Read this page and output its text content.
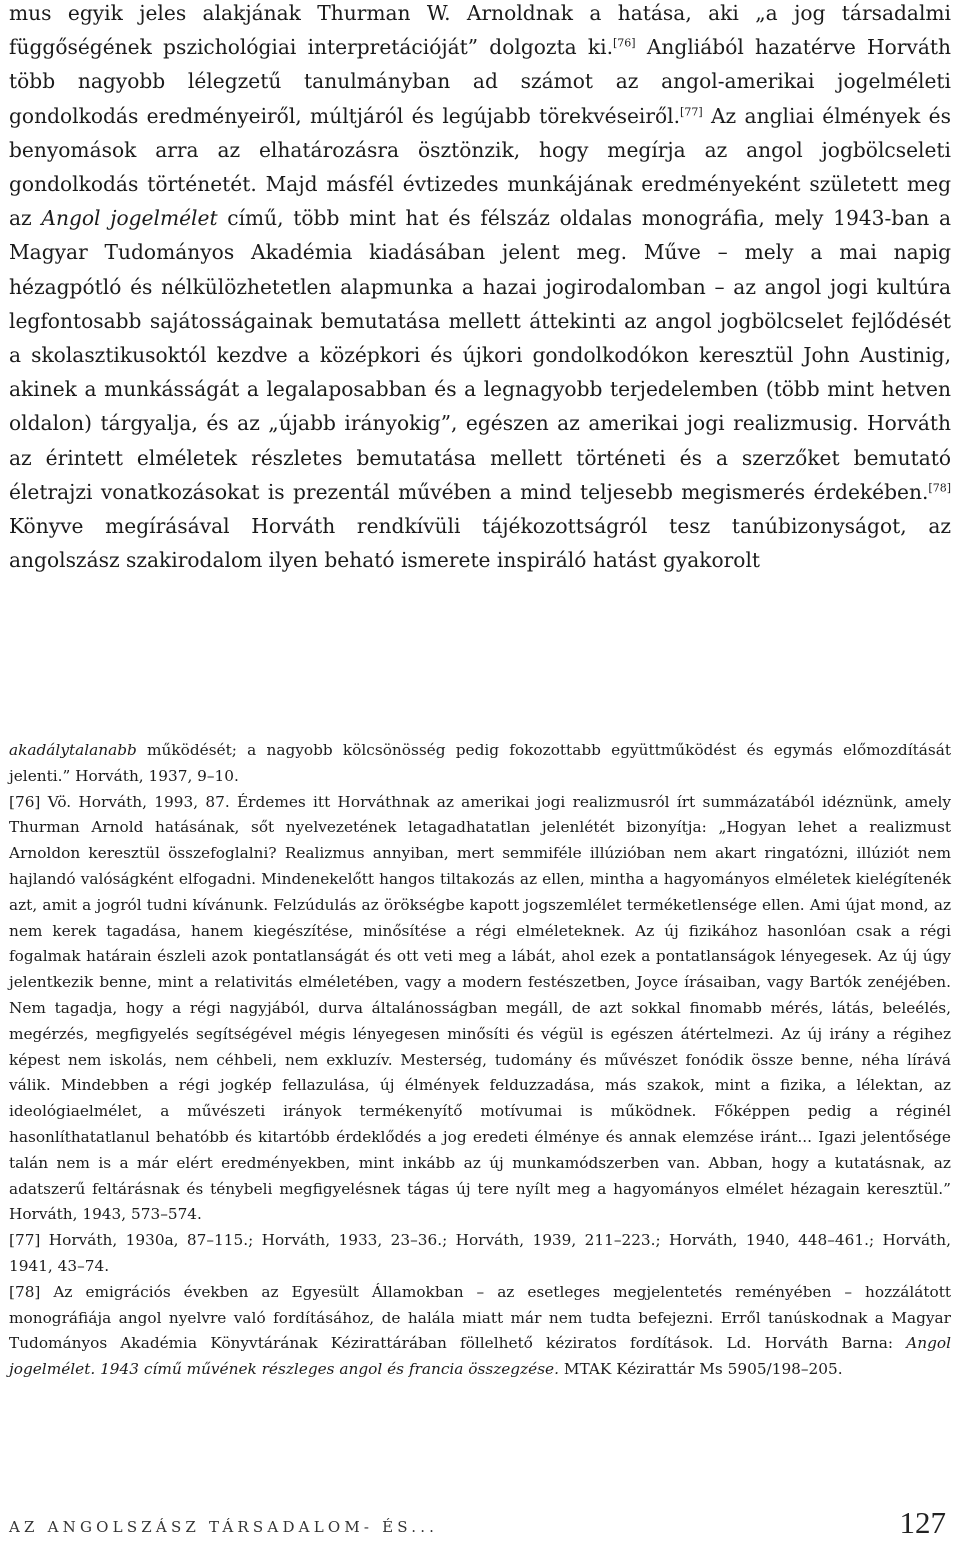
mus egyik jeles alakjának Thurman W. Arnoldnak a hatása, aki „a jog társadalmi függőségének pszichológiai interpretációját” dolgozta ki.[76] Angliából hazatérve Horváth több nagyobb lélegzetű tanulmányban ad számot az angol-amerikai jogelméleti gondolkodás eredményeiről, múltjáról és legújabb törekvéseiről.[77] Az angliai élmények és benyomások arra az elhatározásra ösztönzik, hogy megírja az angol jogbölcseleti gondolkodás történetét. Majd másfél évtizedes munkájának eredményeként született meg az Angol jogelmélet című, több mint hat és félszáz oldalas monográfia, mely 1943-ban a Magyar Tudományos Akadémia kiadásában jelent meg. Műve – mely a mai napig hézagpótló és nélkülözhetetlen alapmunka a hazai jogirodalomban – az angol jogi kultúra legfontosabb sajátosságainak bemutatása mellett áttekinti az angol jogbölcselet fejlődését a skolasztikusoktól kezdve a középkori és újkori gondolkodókon keresztül John Austinig, akinek a munkásságát a legalaposabban és a legnagyobb terjedelemben (több mint hetven oldalon) tárgyalja, és az „újabb irányokig”, egészen az amerikai jogi realizmusig. Horváth az érintett elméletek részletes bemutatása mellett történeti és a szerzőket bemutató életrajzi vonatkozásokat is prezentál művében a mind teljesebb megismerés érdekében.[78] Könyve megírásával Horváth rendkívüli tájékozottságról tesz tanúbizonyságot, az angolszász szakirodalom ilyen beható ismerete inspiráló hatást gyakorolt

akadálytalanabb működését; a nagyobb kölcsönösség pedig fokozottabb együttműködést és egymás előmozdítását jelenti.” Horváth, 1937, 9–10.

[76] Vö. Horváth, 1993, 87. Érdemes itt Horváthnak az amerikai jogi realizmusról írt summázatából idéznünk, amely Thurman Arnold hatásának, sőt nyelvezetének letagadhatatlan jelenlétét bizonyítja: „Hogyan lehet a realizmust Arnoldon keresztül összefoglalni? Realizmus annyiban, mert semmiféle illúzióban nem akart ringatózni, illúziót nem hajlandó valóságként elfogadni. Mindenekelőtt hangos tiltakozás az ellen, mintha a hagyományos elméletek kielégítenék azt, amit a jogról tudni kívánunk. Felzúdulás az örökségbe kapott jogszemlélet terméketlensége ellen. Ami újat mond, az nem kerek tagadása, hanem kiegészítése, minősítése a régi elméleteknek. Az új fizikához hasonlóan csak a régi fogalmak határain észleli azok pontatlanságát és ott veti meg a lábát, ahol ezek a pontatlanságok lényegesek. Az új úgy jelentkezik benne, mint a relativitás elméletében, vagy a modern festészetben, Joyce írásaiban, vagy Bartók zenéjében. Nem tagadja, hogy a régi nagyjából, durva általánosságban megáll, de azt sokkal finomabb mérés, látás, beleélés, megérzés, megfigyelés segítségével mégis lényegesen minősíti és végül is egészen átértelmezi. Az új irány a régihez képest nem iskolás, nem céhbeli, nem exkluzív. Mesterség, tudomány és művészet fonódik össze benne, néha lírává válik. Mindebben a régi jogkép fellazulása, új élmények felduzzadása, más szakok, mint a fizika, a lélektan, az ideológiaelmélet, a művészeti irányok termékenyítő motívumai is működnek. Főképpen pedig a réginél hasonlíthatatlanul behatóbb és kitartóbb érdeklődés a jog eredeti élménye és annak elemzése iránt... Igazi jelentősége talán nem is a már elért eredményekben, mint inkább az új munkamódszerben van. Abban, hogy a kutatásnak, az adatszerű feltárásnak és ténybeli megfigyelésnek tágas új tere nyílt meg a hagyományos elmélet hézagain keresztül.” Horváth, 1943, 573–574.

[77] Horváth, 1930a, 87–115.; Horváth, 1933, 23–36.; Horváth, 1939, 211–223.; Horváth, 1940, 448–461.; Horváth, 1941, 43–74.

[78] Az emigrációs években az Egyesült Államokban – az esetleges megjelentetés reményében – hozzálátott monográfiája angol nyelvre való fordításához, de halála miatt már nem tudta befejezni. Erről tanúskodnak a Magyar Tudományos Akadémia Könyvtárának Kézirattárában föllelhető kéziratos fordítások. Ld. Horváth Barna: Angol jogelmélet. 1943 című művének részleges angol és francia összegzése. MTAK Kézirattár Ms 5905/198–205.

AZ ANGOLSZÁSZ TÁRSADALOM- ÉS...	127
